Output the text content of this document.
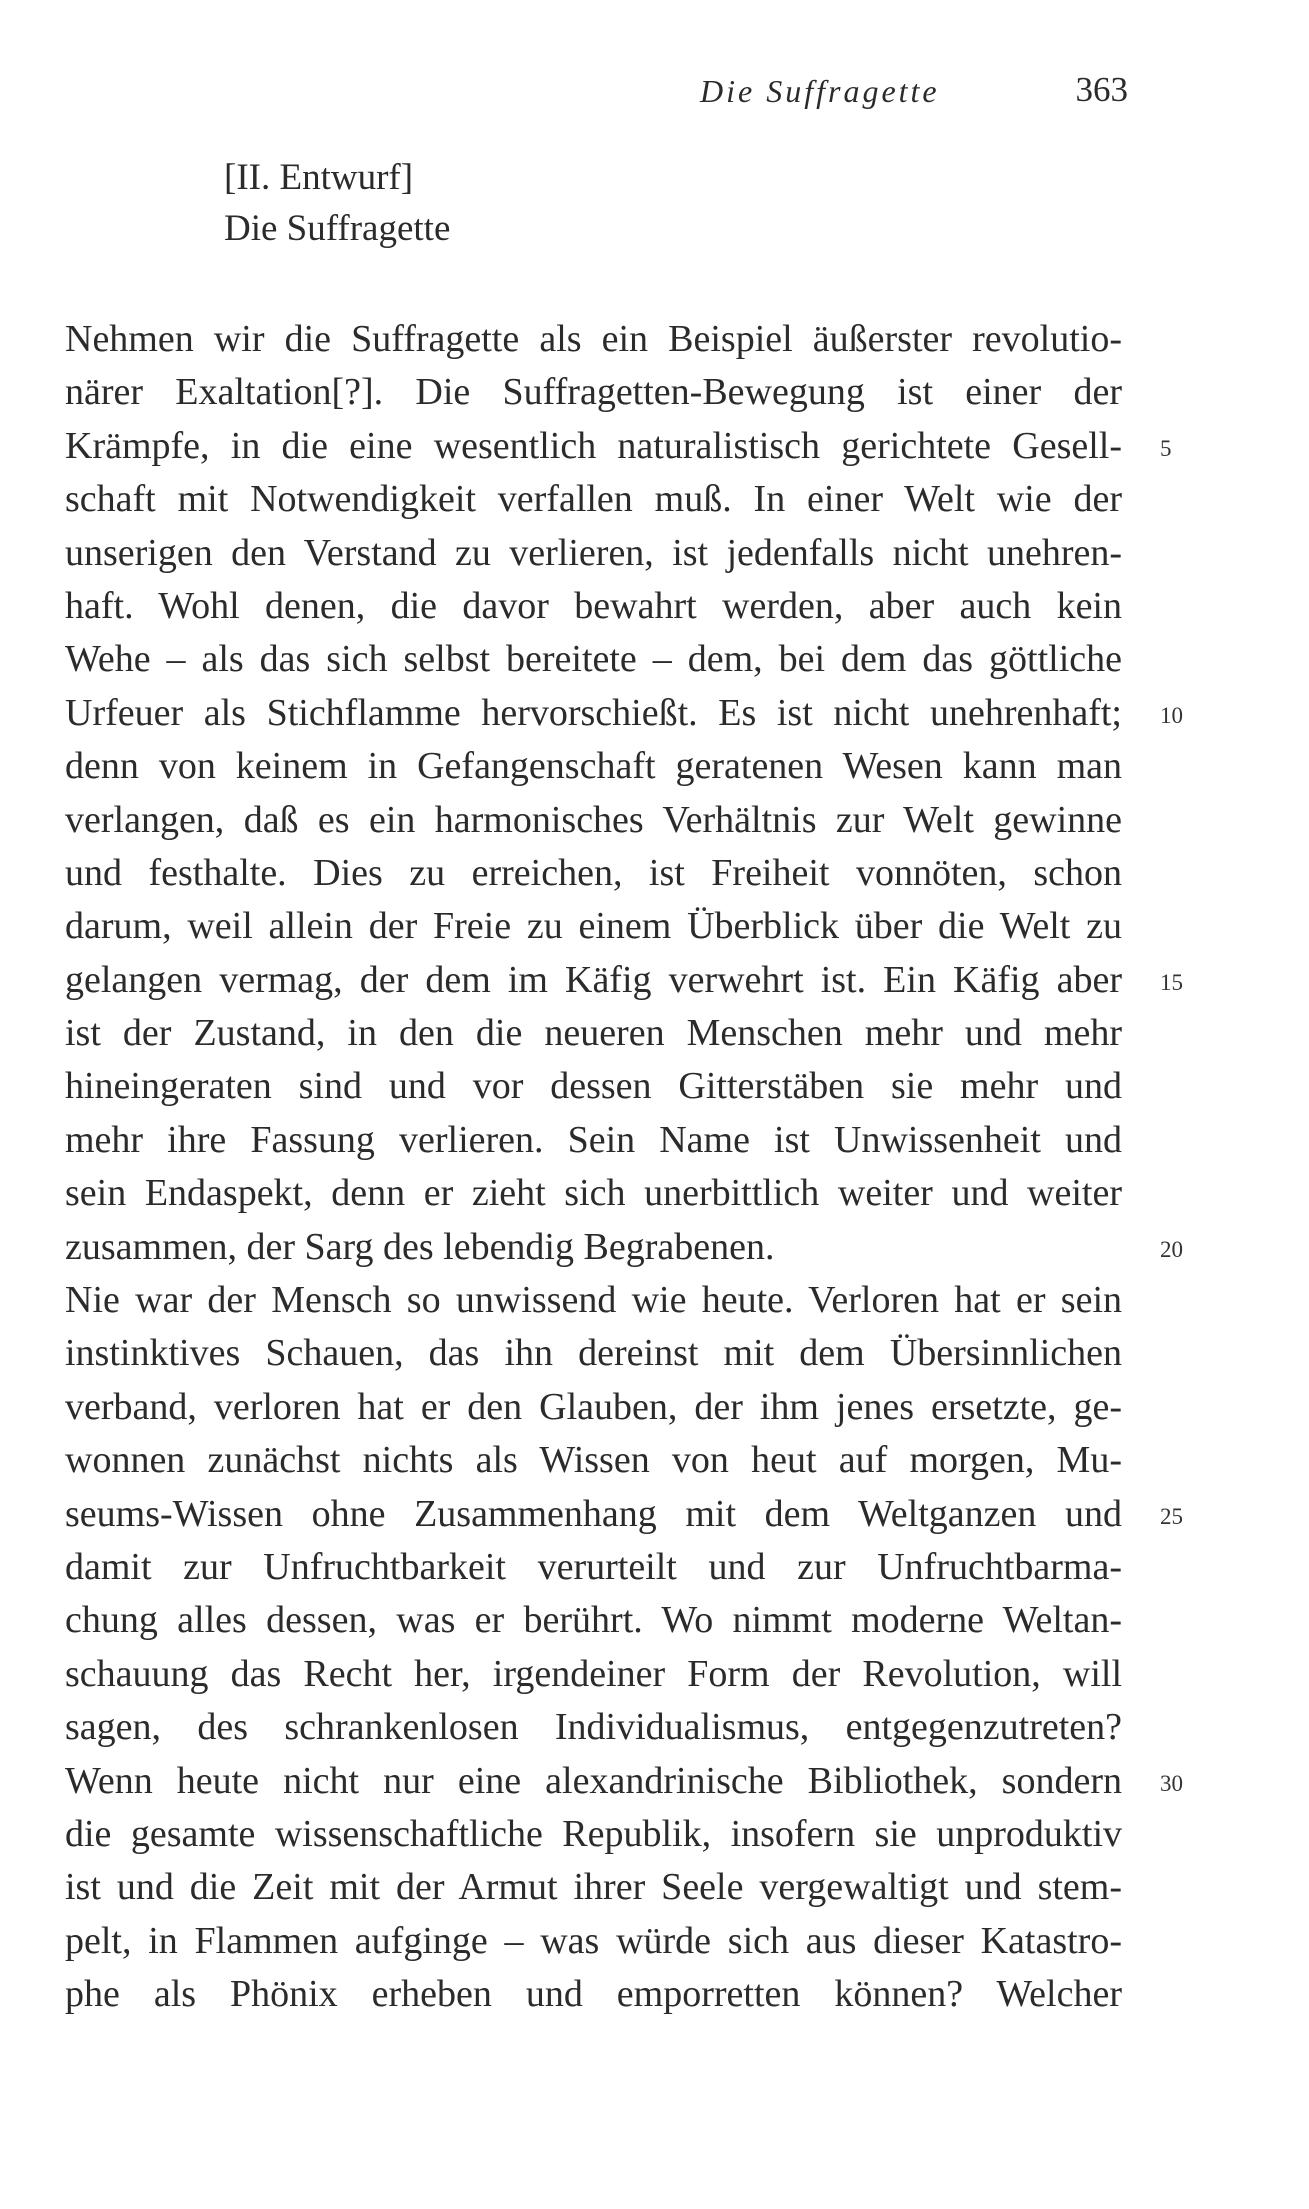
Die Suffragette	363
[II. Entwurf]
Die Suffragette
Nehmen wir die Suffragette als ein Beispiel äußerster revolutio-
närer Exaltation[?]. Die Suffragetten-Bewegung ist einer der
Krämpfe, in die eine wesentlich naturalistisch gerichtete Gesell-
schaft mit Notwendigkeit verfallen muß. In einer Welt wie der
unserigen den Verstand zu verlieren, ist jedenfalls nicht unehren-
haft. Wohl denen, die davor bewahrt werden, aber auch kein
Wehe – als das sich selbst bereitete – dem, bei dem das göttliche
Urfeuer als Stichflamme hervorschießt. Es ist nicht unehrenhaft;
denn von keinem in Gefangenschaft geratenen Wesen kann man
verlangen, daß es ein harmonisches Verhältnis zur Welt gewinne
und festhalte. Dies zu erreichen, ist Freiheit vonnöten, schon
darum, weil allein der Freie zu einem Überblick über die Welt zu
gelangen vermag, der dem im Käfig verwehrt ist. Ein Käfig aber
ist der Zustand, in den die neueren Menschen mehr und mehr
hineingeraten sind und vor dessen Gitterstäben sie mehr und
mehr ihre Fassung verlieren. Sein Name ist Unwissenheit und
sein Endaspekt, denn er zieht sich unerbittlich weiter und weiter
zusammen, der Sarg des lebendig Begrabenen.
Nie war der Mensch so unwissend wie heute. Verloren hat er sein
instinktives Schauen, das ihn dereinst mit dem Übersinnlichen
verband, verloren hat er den Glauben, der ihm jenes ersetzte, ge-
wonnen zunächst nichts als Wissen von heut auf morgen, Mu-
seums-Wissen ohne Zusammenhang mit dem Weltganzen und
damit zur Unfruchtbarkeit verurteilt und zur Unfruchtbarma-
chung alles dessen, was er berührt. Wo nimmt moderne Weltan-
schauung das Recht her, irgendeiner Form der Revolution, will
sagen, des schrankenlosen Individualismus, entgegenzutreten?
Wenn heute nicht nur eine alexandrinische Bibliothek, sondern
die gesamte wissenschaftliche Republik, insofern sie unproduktiv
ist und die Zeit mit der Armut ihrer Seele vergewaltigt und stem-
pelt, in Flammen aufginge – was würde sich aus dieser Katastro-
phe als Phönix erheben und emporretten können? Welcher
5
10
15
20
25
30
